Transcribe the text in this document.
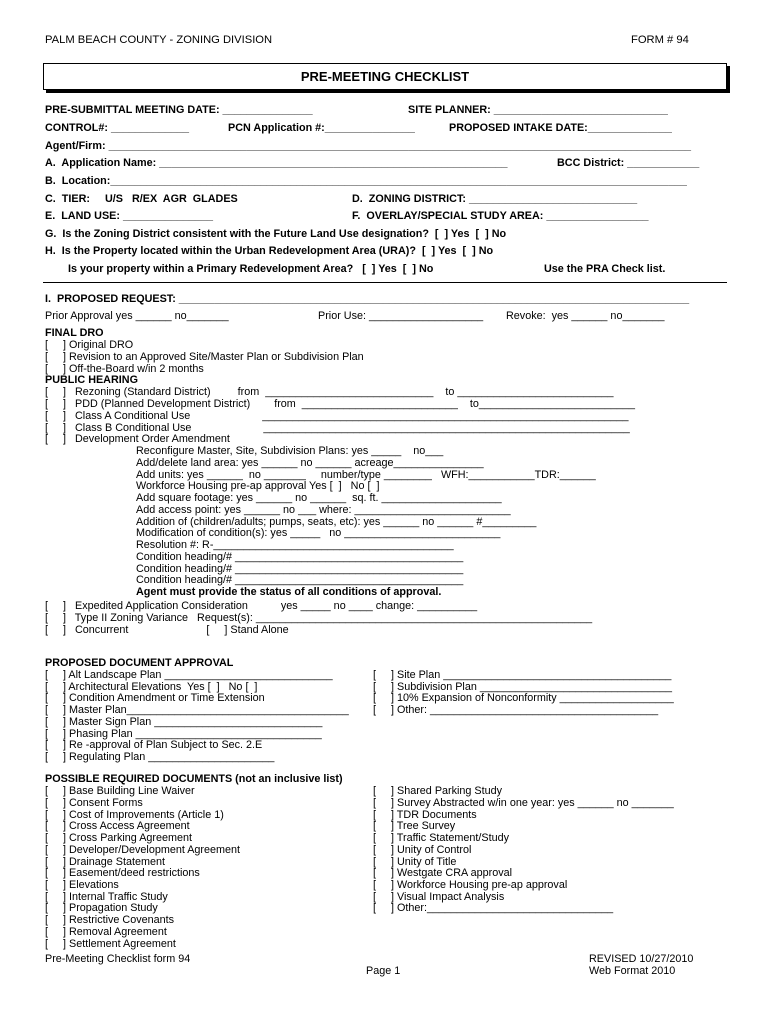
PALM BEACH COUNTY - ZONING DIVISION	FORM # 94
PRE-MEETING CHECKLIST
PRE-SUBMITTAL MEETING DATE: _______________	SITE PLANNER: _____________________________
CONTROL#: _____________	PCN Application #:_______________	PROPOSED INTAKE DATE:______________
Agent/Firm: _________________________________________________________________________________________________
A.  Application Name: __________________________________________________________	BCC District: ____________
B.  Location:________________________________________________________________________________________________
C.  TIER:     U/S   R/EX  AGR  GLADES	D.  ZONING DISTRICT: ____________________________
E.  LAND USE: _______________	F.  OVERLAY/SPECIAL STUDY AREA: _________________
G.  Is the Zoning District consistent with the Future Land Use designation?  [  ] Yes  [  ] No
H.  Is the Property located within the Urban Redevelopment Area (URA)?  [  ] Yes  [  ] No
Is your property within a Primary Redevelopment Area?   [  ] Yes  [  ] No	Use the PRA Check list.
I.  PROPOSED REQUEST: _____________________________________________________________________________________
Prior Approval yes ______ no_______	Prior Use: ___________________ Revoke:  yes ______ no_______
FINAL DRO
[     ] Original DRO
[     ] Revision to an Approved Site/Master Plan or Subdivision Plan
[     ] Off-the-Board w/in 2 months
PUBLIC HEARING
[     ]   Rezoning (Standard District)         from  ____________________________    to __________________________
[     ]   PDD (Planned Development District)        from  __________________________    to__________________________
[     ]   Class A Conditional Use                        _____________________________________________________________
[     ]   Class B Conditional Use                        _____________________________________________________________
[     ]   Development Order Amendment
Reconfigure Master, Site, Subdivision Plans: yes _____    no___
Add/delete land area: yes ______ no ______ acreage_______________
Add units: yes ______  no _______     number/type ________   WFH:___________TDR:______
Workforce Housing pre-ap approval Yes [  ]   No [  ]
Add square footage: yes ______ no ______  sq. ft. ____________________
Add access point: yes ______ no ___ where: __________________________
Addition of (children/adults; pumps, seats, etc): yes ______ no ______ #_________
Modification of condition(s): yes _____   no __________________________
Resolution #: R-________________________________________
Condition heading/# ______________________________________
Condition heading/# ______________________________________
Condition heading/# ______________________________________
Agent must provide the status of all conditions of approval.
[     ]   Expedited Application Consideration           yes _____ no ____ change: __________
[     ]   Type II Zoning Variance   Request(s): ________________________________________________________
[     ]   Concurrent                          [     ] Stand Alone
PROPOSED DOCUMENT APPROVAL
[     ] Alt Landscape Plan ____________________________
[     ] Architectural Elevations  Yes [  ]   No [  ]
[     ] Condition Amendment or Time Extension
[     ] Master Plan_____________________________________
[     ] Master Sign Plan ____________________________
[     ] Phasing Plan _______________________________
[     ] Re -approval of Plan Subject to Sec. 2.E
[     ] Regulating Plan _____________________
[     ] Site Plan ______________________________________
[     ] Subdivision Plan ________________________________
[     ] 10% Expansion of Nonconformity ___________________
[     ] Other: ______________________________________
POSSIBLE REQUIRED DOCUMENTS (not an inclusive list)
[     ] Base Building Line Waiver
[     ] Consent Forms
[     ] Cost of Improvements (Article 1)
[     ] Cross Access Agreement
[     ] Cross Parking Agreement
[     ] Developer/Development Agreement
[     ] Drainage Statement
[     ] Easement/deed restrictions
[     ] Elevations
[     ] Internal Traffic Study
[     ] Propagation Study
[     ] Restrictive Covenants
[     ] Removal Agreement
[     ] Settlement Agreement
[     ] Shared Parking Study
[     ] Survey Abstracted w/in one year: yes ______ no _______
[     ] TDR Documents
[     ] Tree Survey
[     ] Traffic Statement/Study
[     ] Unity of Control
[     ] Unity of Title
[     ] Westgate CRA approval
[     ] Workforce Housing pre-ap approval
[     ] Visual Impact Analysis
[     ] Other:_______________________________
Pre-Meeting Checklist form 94
Page 1
REVISED 10/27/2010
Web Format 2010
